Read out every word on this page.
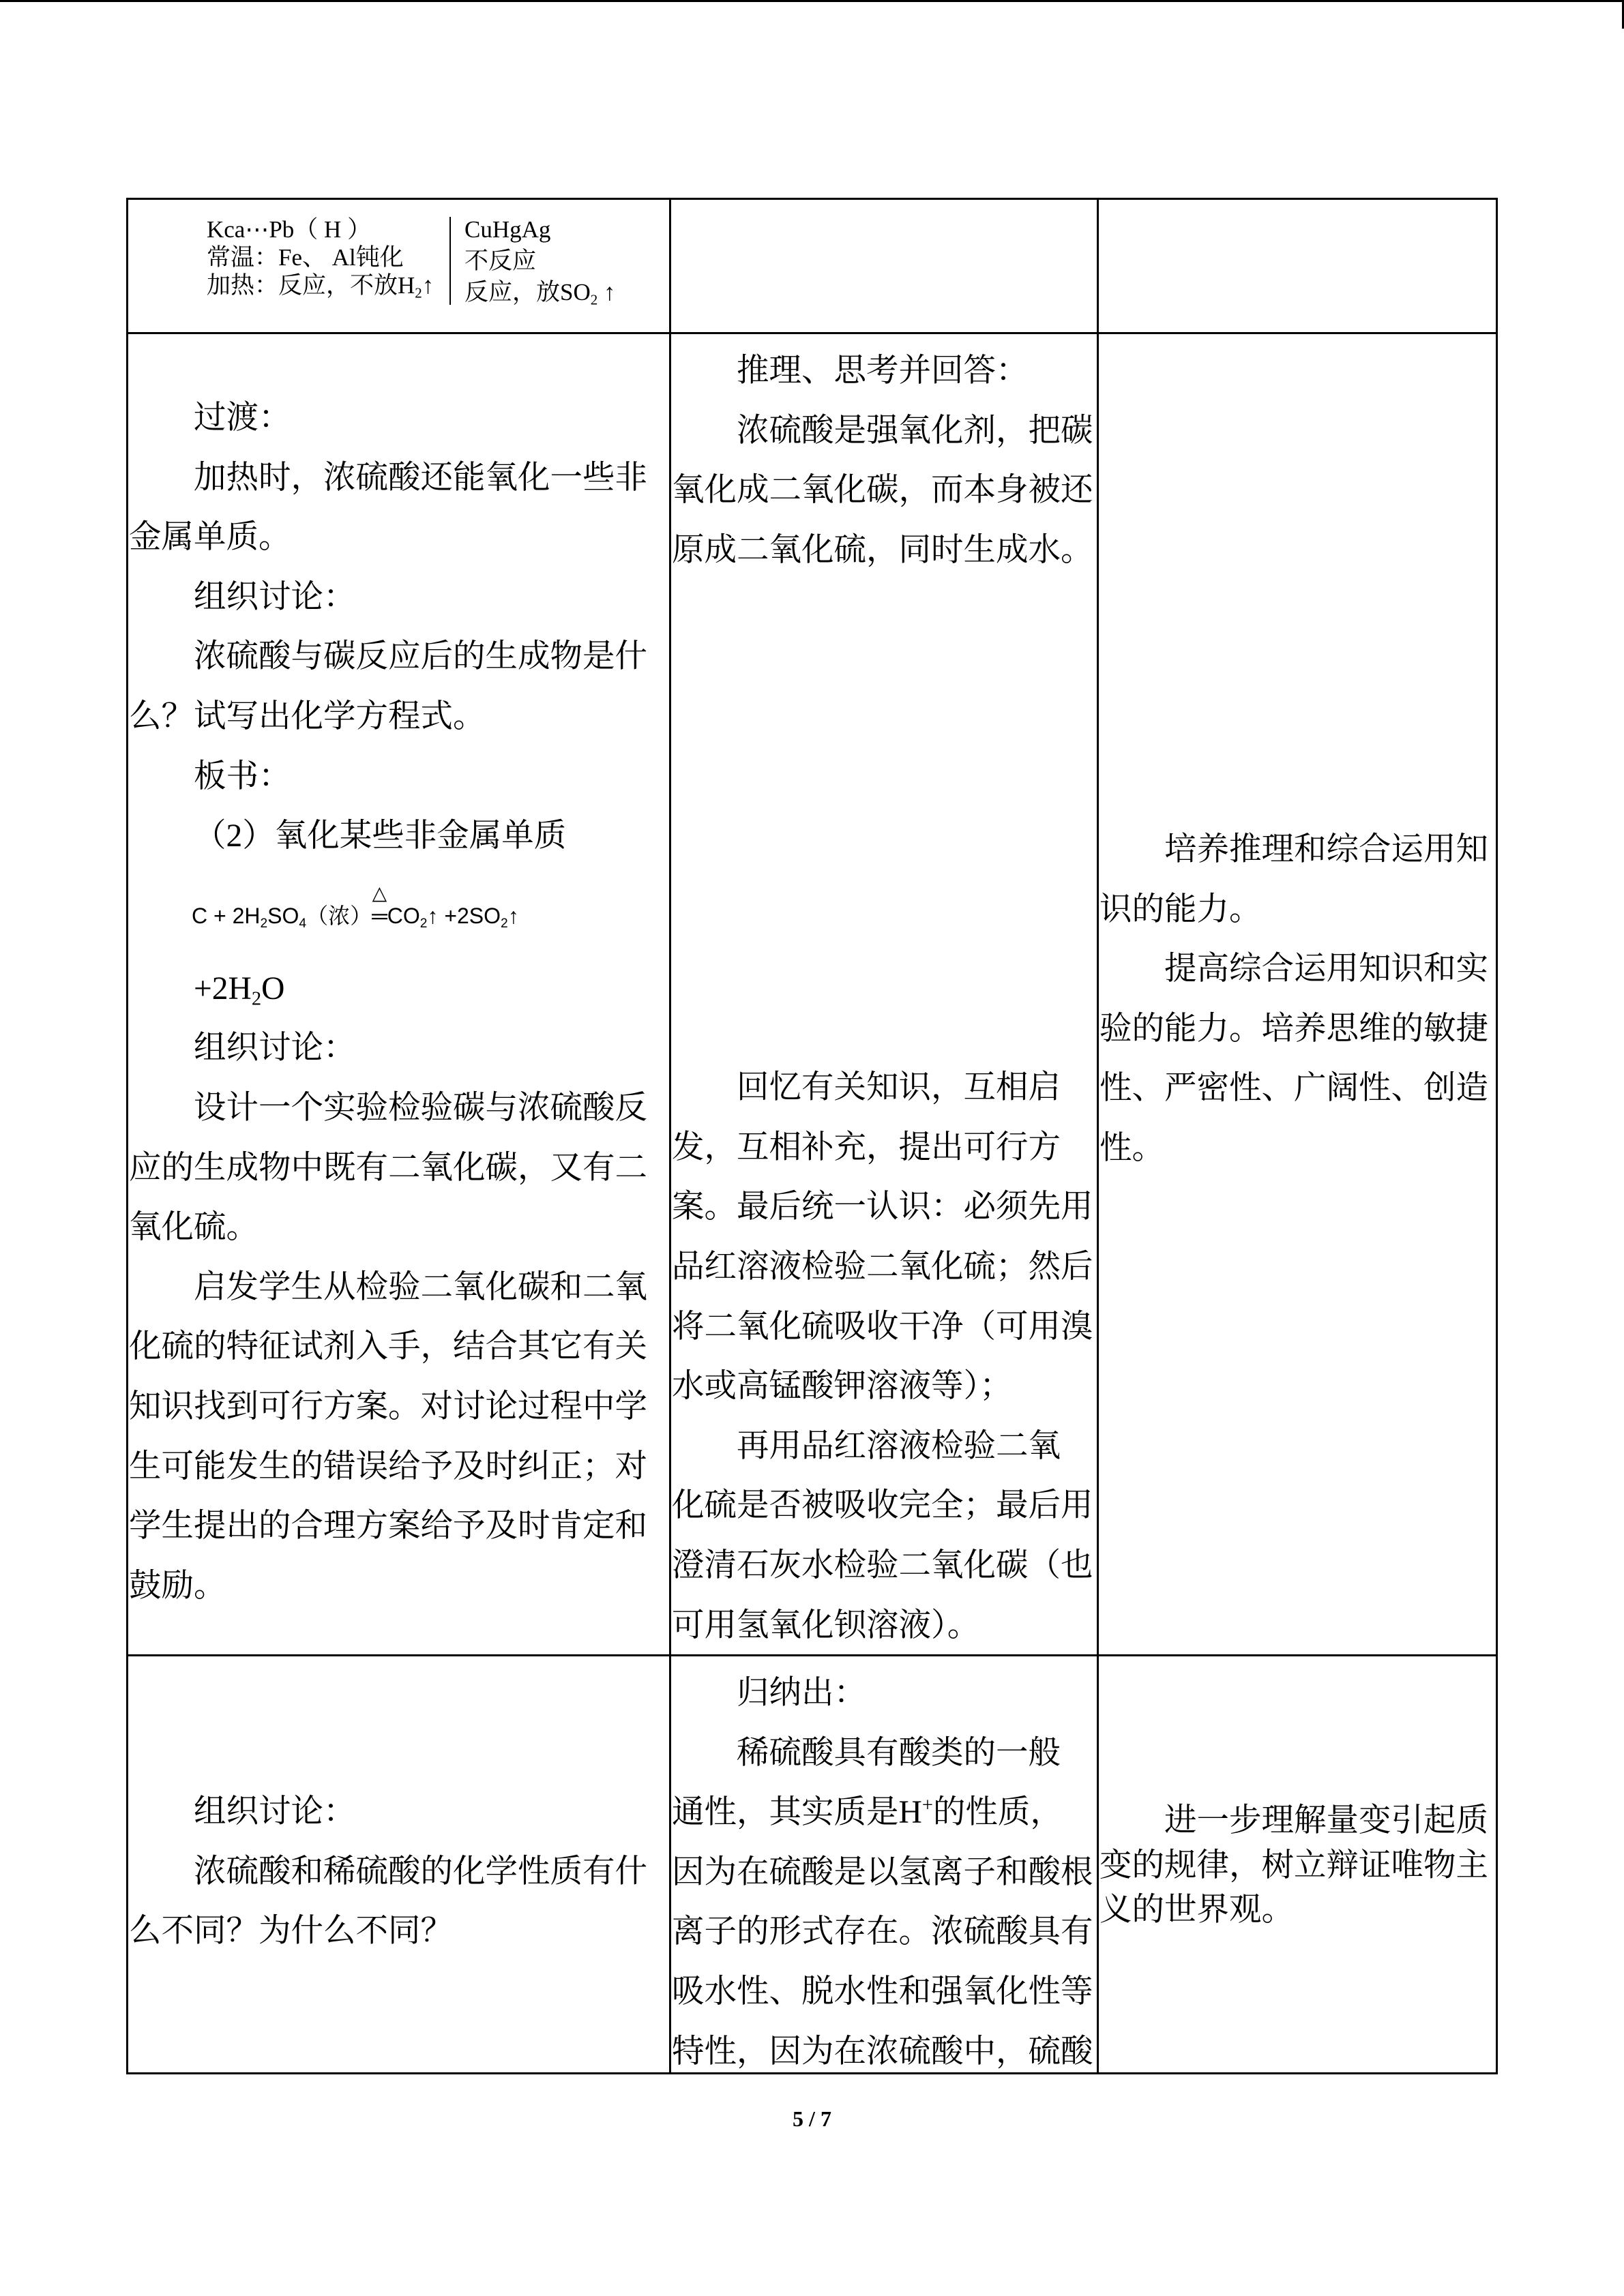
Kca⋯Pb（ H ）
常温：Fe、 Al钝化
加热：反应，不放$H_2↑$
CuHgAg
不反应
反应，放$SO_2$ ↑
过渡：
加热时，浓硫酸还能氧化一些非
金属单质。
组织讨论：
浓硫酸与碳反应后的生成物是什
么？试写出化学方程式。
板书：
（2）氧化某些非金属单质
$C + 2H_2SO_4$（浓）
△
$═CO_2↑$ $+2SO_2↑$
$+2H_2O$
组织讨论：
设计一个实验检验碳与浓硫酸反
应的生成物中既有二氧化碳，又有二
氧化硫。
启发学生从检验二氧化碳和二氧
化硫的特征试剂入手，结合其它有关
知识找到可行方案。对讨论过程中学
生可能发生的错误给予及时纠正；对
学生提出的合理方案给予及时肯定和
鼓励。
推理、思考并回答：
浓硫酸是强氧化剂，把碳
氧化成二氧化碳，而本身被还
原成二氧化硫，同时生成水。
回忆有关知识，互相启
发，互相补充，提出可行方
案。最后统一认识：必须先用
品红溶液检验二氧化硫；然后
将二氧化硫吸收干净（可用溴
水或高锰酸钾溶液等）；
再用品红溶液检验二氧
化硫是否被吸收完全；最后用
澄清石灰水检验二氧化碳（也
可用氢氧化钡溶液）。
培养推理和综合运用知
识的能力。
提高综合运用知识和实
验的能力。培养思维的敏捷
性、严密性、广阔性、创造
性。
组织讨论：
浓硫酸和稀硫酸的化学性质有什
么不同？为什么不同？
归纳出：
稀硫酸具有酸类的一般
通性，其实质是H+的性质，
因为在硫酸是以氢离子和酸根
离子的形式存在。浓硫酸具有
吸水性、脱水性和强氧化性等
特性，因为在浓硫酸中，硫酸
进一步理解量变引起质
变的规律，树立辩证唯物主
义的世界观。
5 / 7
